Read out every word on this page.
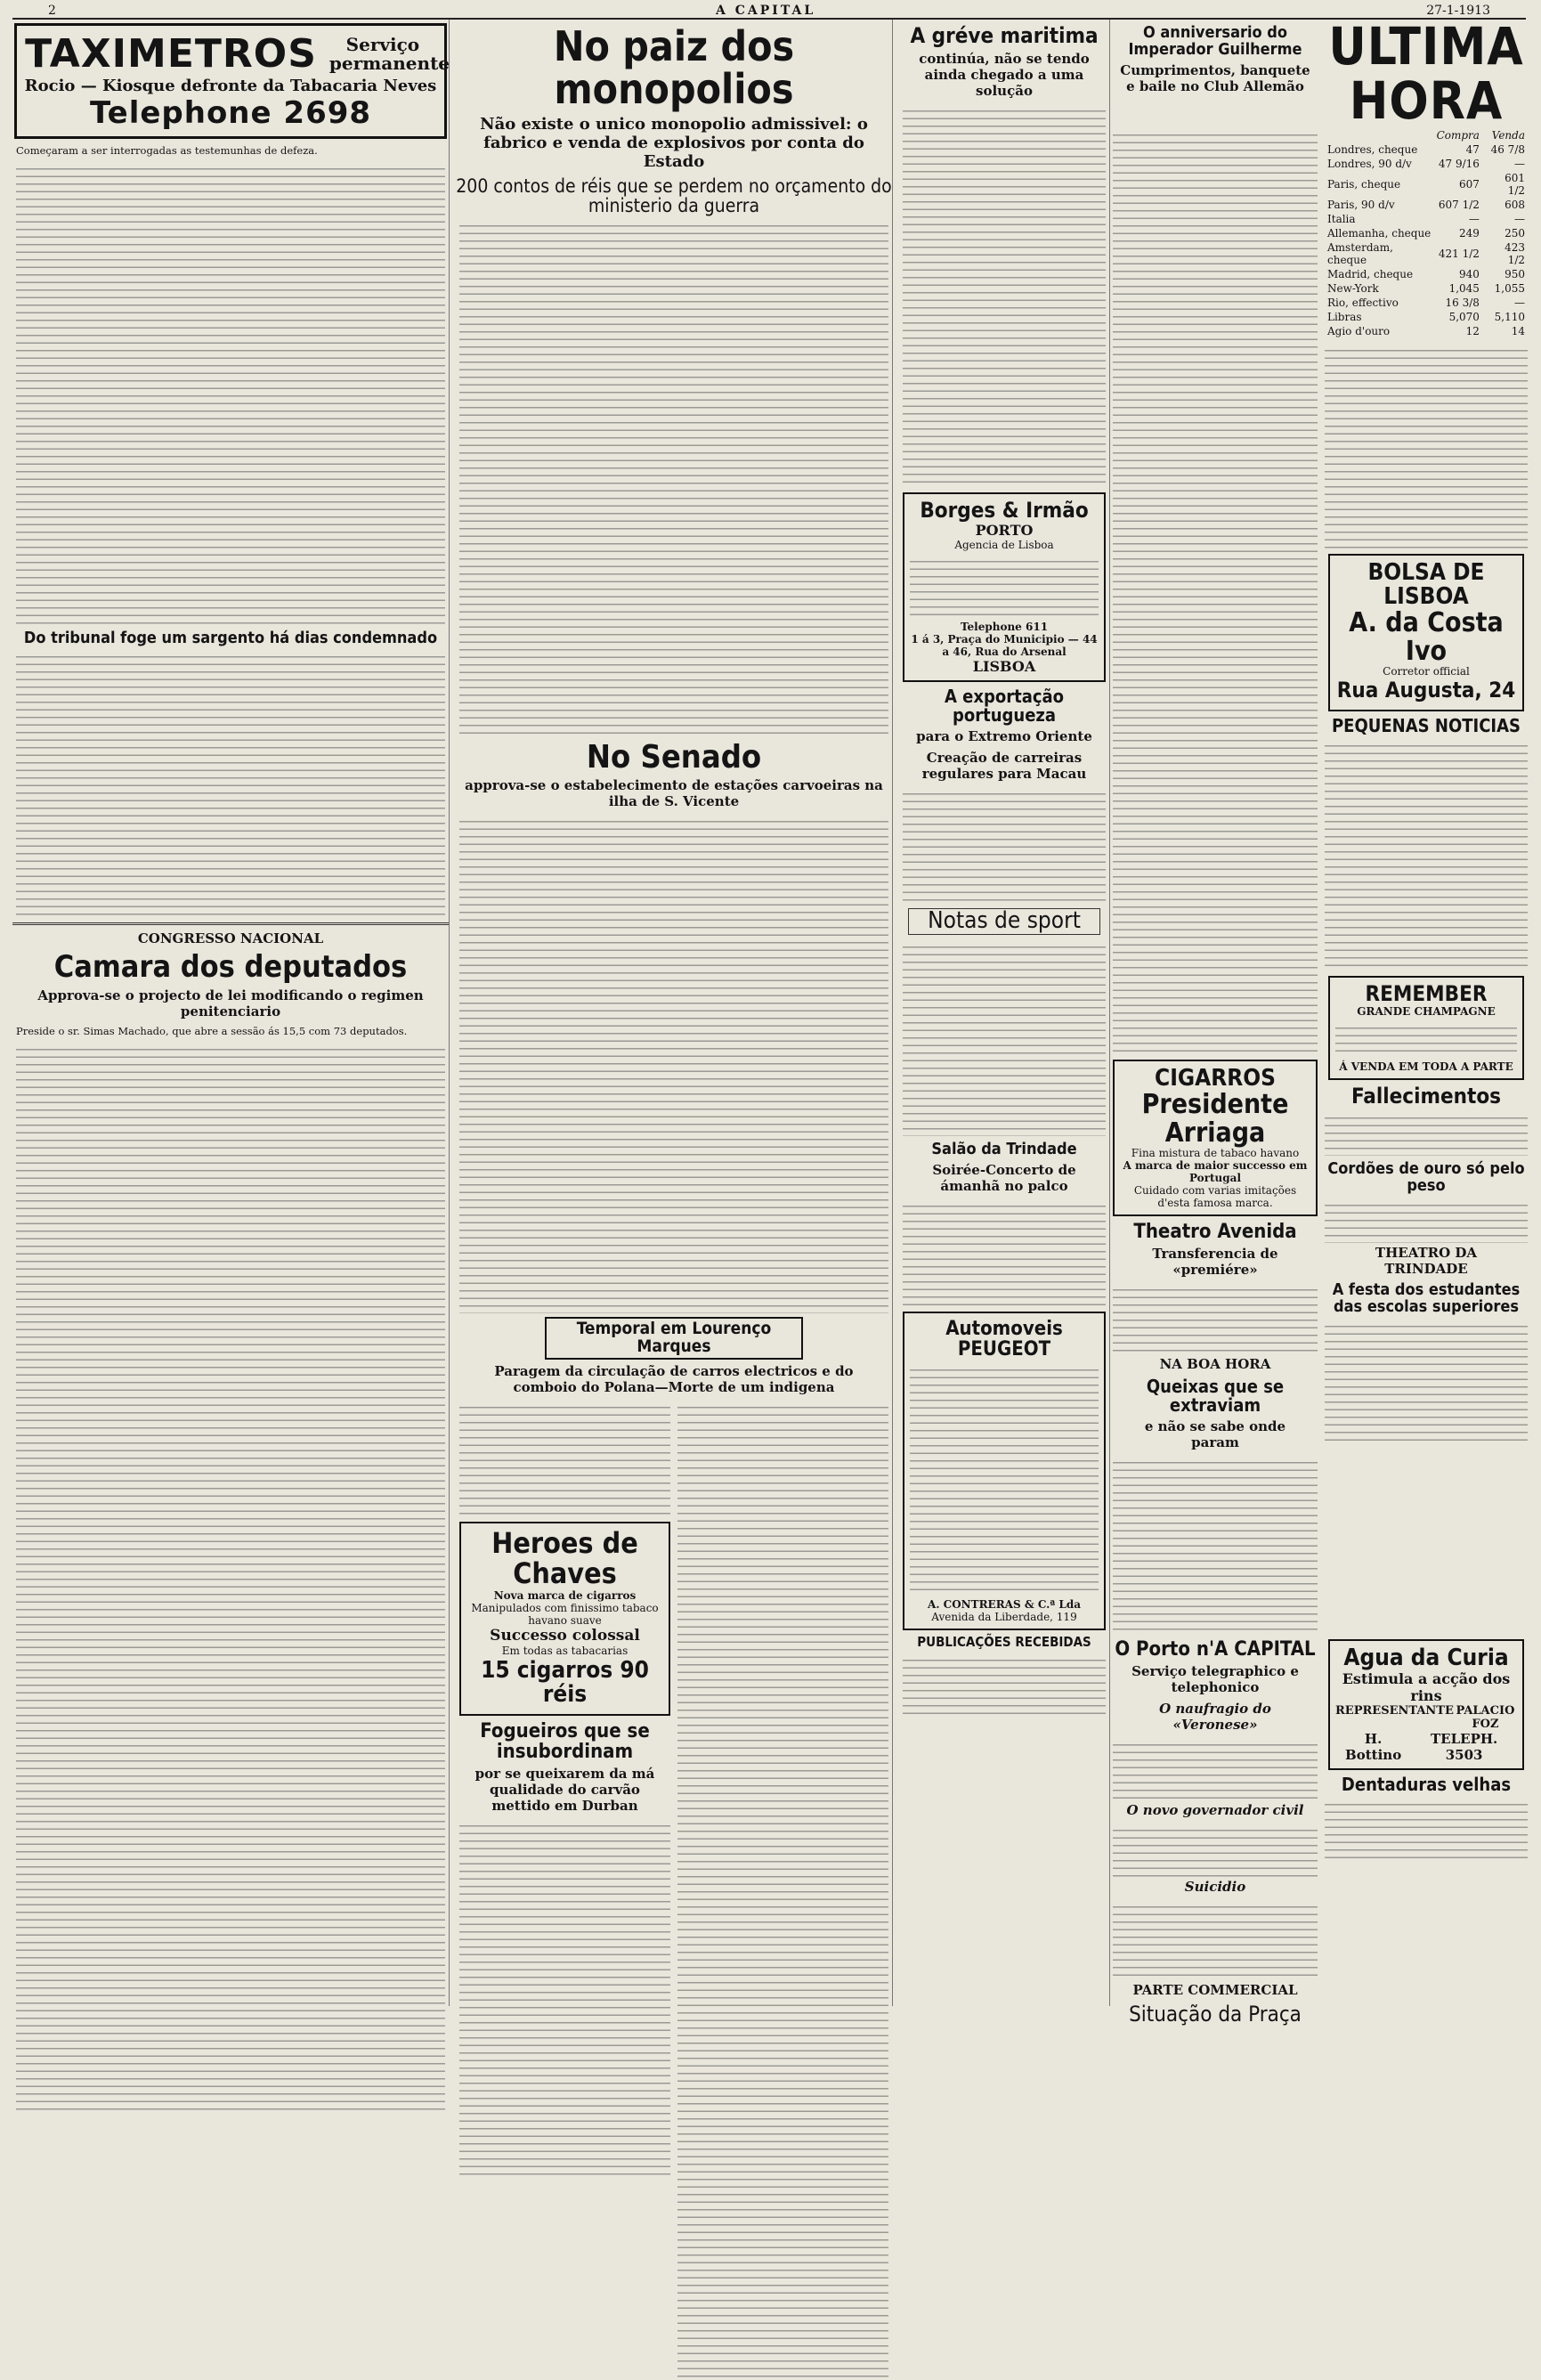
2	A CAPITAL	27-1-1913
TAXIMETROS	Serviço permanente
Rocio — Kiosque defronte da Tabacaria Neves
Telephone 2698

Começaram a ser interrogadas as testemunhas de defeza.

Do tribunal foge um sargento há dias condemnado
CONGRESSO NACIONAL
Camara dos deputados
Approva-se o projecto de lei modificando o regimen penitenciario

Preside o sr. Simas Machado, que abre a sessão ás 15,5 com 73 deputados.

No paiz dos monopolios
Não existe o unico monopolio admissivel: o fabrico e venda de explosivos por conta do Estado
200 contos de réis que se perdem no orçamento do ministerio da guerra
No Senado
approva-se o estabelecimento de estações carvoeiras na ilha de S. Vicente
Temporal em Lourenço Marques
Paragem da circulação de carros electricos e do comboio do Polana—Morte de um indigena
Heroes de Chaves
Nova marca de cigarros
Manipulados com finissimo tabaco havano suave
Successo colossal
Em todas as tabacarias
15 cigarros 90 réis
Fogueiros que se insubordinam
por se queixarem da má qualidade do carvão mettido em Durban
A gréve maritima
continúa, não se tendo ainda chegado a uma solução
Borges & Irmão
PORTO
Agencia de Lisboa
Telephone 611
1 á 3, Praça do Municipio — 44 a 46, Rua do Arsenal
LISBOA
A exportação portugueza
para o Extremo Oriente
Creação de carreiras regulares para Macau
Notas de sport
Salão da Trindade
Soirée-Concerto de ámanhã no palco
Automoveis PEUGEOT
A. CONTRERAS & C.ª Lda
Avenida da Liberdade, 119
PUBLICAÇÕES RECEBIDAS
O anniversario do Imperador Guilherme
Cumprimentos, banquete e baile no Club Allemão
ULTIMA HORA
CIGARROS
Presidente Arriaga
Fina mistura de tabaco havano
A marca de maior successo em Portugal
Cuidado com varias imitações d'esta famosa marca.
Theatro Avenida
Transferencia de «premiére»
NA BOA HORA
Queixas que se extraviam
e não se sabe onde param
	Compra	Venda
Londres, cheque	47	46 7/8
Londres, 90 d/v	47 9/16	—
Paris, cheque	607	601 1/2
Paris, 90 d/v	607 1/2	608
Italia	—	—
Allemanha, cheque	249	250
Amsterdam, cheque	421 1/2	423 1/2
Madrid, cheque	940	950
New-York	1,045	1,055
Rio, effectivo	16 3/8	—
Libras	5,070	5,110
Agio d'ouro	12	14
BOLSA DE LISBOA
A. da Costa Ivo
Corretor official
Rua Augusta, 24
PEQUENAS NOTICIAS
REMEMBER
GRANDE CHAMPAGNE
Á VENDA EM TODA A PARTE
Fallecimentos
Cordões de ouro só pelo peso
THEATRO DA TRINDADE
A festa dos estudantes das escolas superiores
O Porto n'A CAPITAL
Serviço telegraphico e telephonico
O naufragio do «Veronese»
O novo governador civil
Suicidio
PARTE COMMERCIAL
Situação da Praça
Agua da Curia
Estimula a acção dos rins
REPRESENTANTE PALACIO FOZ
H. Bottino
TELEPH. 3503
Dentaduras velhas
